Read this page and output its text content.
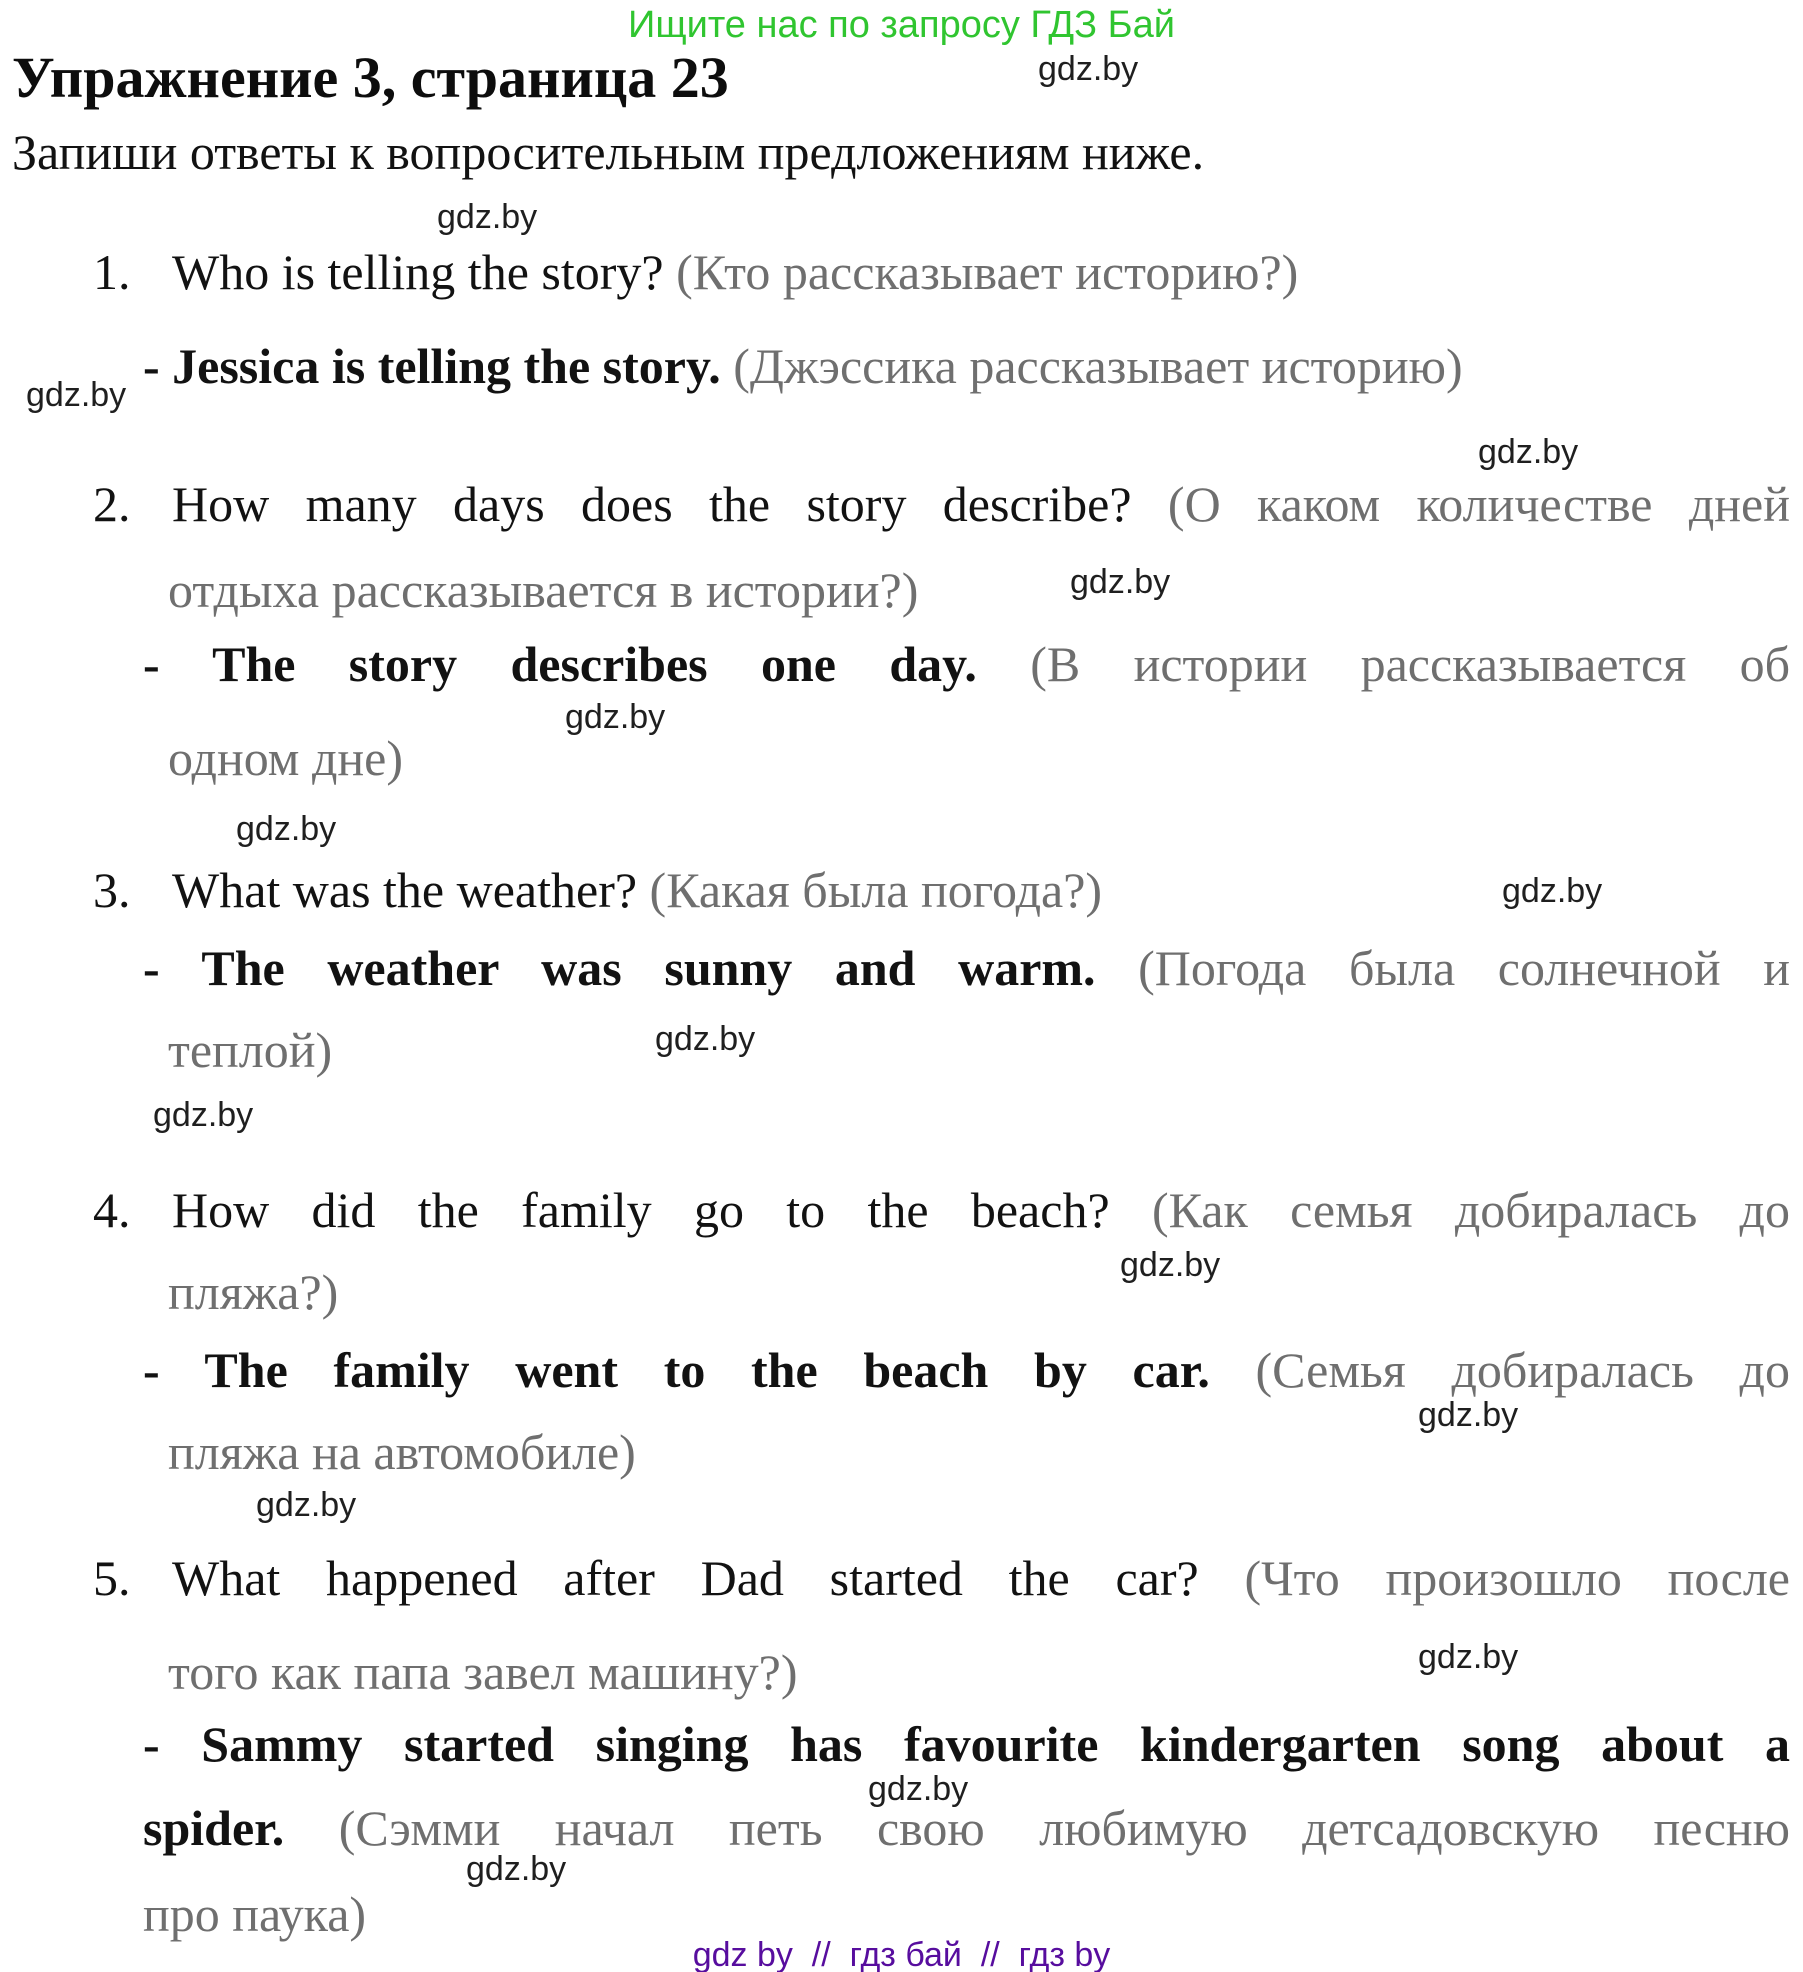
Ищите нас по запросу ГДЗ Бай
gdz.by
Упражнение 3, страница 23
Запиши ответы к вопросительным предложениям ниже.
gdz.by
1. Who is telling the story? (Кто рассказывает историю?)
- Jessica is telling the story. (Джэссика рассказывает историю)
gdz.by
gdz.by
2. How many days does the story describe? (О каком количестве дней
отдыха рассказывается в истории?)	gdz.by
- The story describes one day. (В истории рассказывается об
gdz.by
одном дне)
gdz.by
3. What was the weather? (Какая была погода?)	gdz.by
- The weather was sunny and warm. (Погода была солнечной и
теплой)	gdz.by
gdz.by
4. How did the family go to the beach? (Как семья добиралась до
gdz.by
пляжа?)
- The family went to the beach by car. (Семья добиралась до
gdz.by
пляжа на автомобиле)
gdz.by
5. What happened after Dad started the car? (Что произошло после
gdz.by
того как папа завел машину?)
- Sammy started singing has favourite kindergarten song about a
gdz.by
spider. (Сэмми начал петь свою любимую детсадовскую песню
gdz.by
про паука)
gdz by  //  гдз бай  //  гдз by
